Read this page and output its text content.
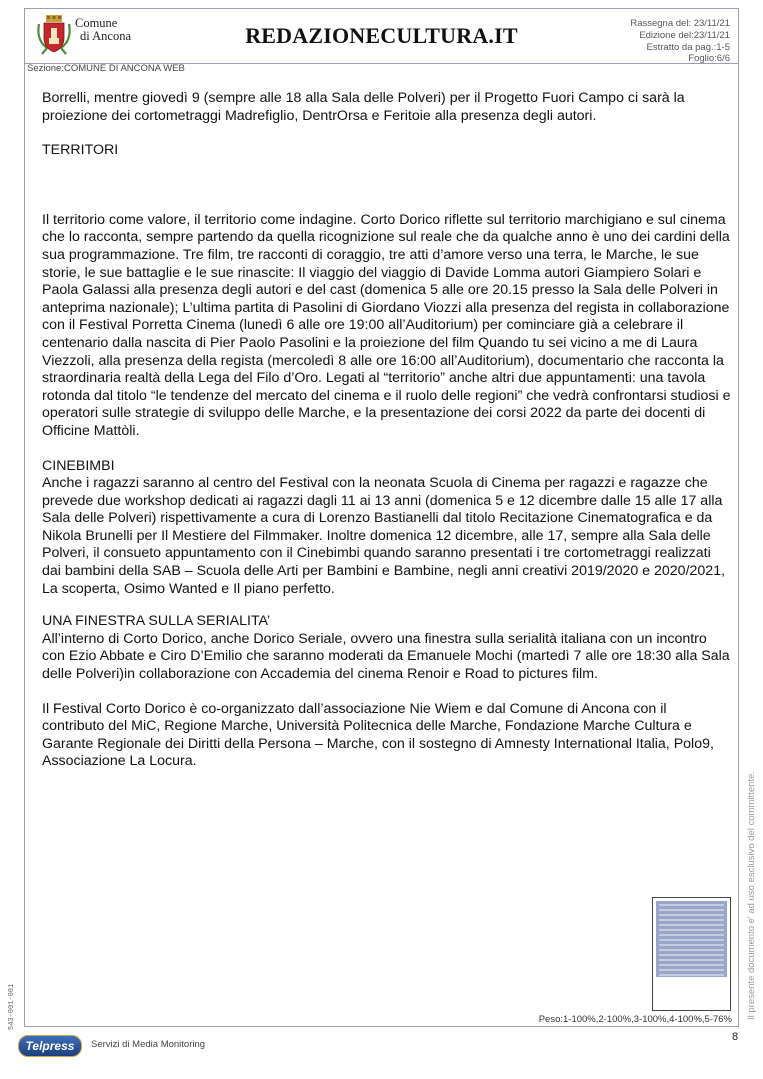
Comune
di Ancona	REDAZIONECULTURA.IT	Rassegna del: 23/11/21
Edizione del:23/11/21
Estratto da pag.:1-5
Foglio:6/6
Sezione:COMUNE DI ANCONA WEB

Borrelli, mentre giovedì 9 (sempre alle 18 alla Sala delle Polveri) per il Progetto Fuori Campo ci sarà la proiezione dei cortometraggi Madrefiglio, DentrOrsa e Feritoie alla presenza degli autori.

TERRITORI

Il territorio come valore, il territorio come indagine. Corto Dorico riflette sul territorio marchigiano e sul cinema che lo racconta, sempre partendo da quella ricognizione sul reale che da qualche anno è uno dei cardini della sua programmazione. Tre film, tre racconti di coraggio, tre atti d’amore verso una terra, le Marche, le sue storie, le sue battaglie e le sue rinascite: Il viaggio del viaggio di Davide Lomma autori Giampiero Solari e Paola Galassi alla presenza degli autori e del cast (domenica 5 alle ore 20.15 presso la Sala delle Polveri in anteprima nazionale); L’ultima partita di Pasolini di Giordano Viozzi alla presenza del regista in collaborazione con il Festival Porretta Cinema (lunedì 6 alle ore 19:00 all’Auditorium) per cominciare già a celebrare il centenario dalla nascita di Pier Paolo Pasolini e la proiezione del film Quando tu sei vicino a me di Laura Viezzoli, alla presenza della regista (mercoledì 8 alle ore 16:00 all’Auditorium), documentario che racconta la straordinaria realtà della Lega del Filo d’Oro. Legati al “territorio” anche altri due appuntamenti: una tavola rotonda dal titolo “le tendenze del mercato del cinema e il ruolo delle regioni” che vedrà confrontarsi studiosi e operatori sulle strategie di sviluppo delle Marche, e la presentazione dei corsi 2022 da parte dei docenti di Officine Mattòli.

CINEBIMBI

Anche i ragazzi saranno al centro del Festival con la neonata Scuola di Cinema per ragazzi e ragazze che prevede due workshop dedicati ai ragazzi dagli 11 ai 13 anni (domenica 5 e 12 dicembre dalle 15 alle 17 alla Sala delle Polveri) rispettivamente a cura di Lorenzo Bastianelli dal titolo Recitazione Cinematografica e da Nikola Brunelli per Il Mestiere del Filmmaker. Inoltre domenica 12 dicembre, alle 17, sempre alla Sala delle Polveri, il consueto appuntamento con il Cinebimbi quando saranno presentati i tre cortometraggi realizzati dai bambini della SAB – Scuola delle Arti per Bambini e Bambine, negli anni creativi 2019/2020 e 2020/2021, La scoperta, Osimo Wanted e Il piano perfetto.

UNA FINESTRA SULLA SERIALITA’

All’interno di Corto Dorico, anche Dorico Seriale, ovvero una finestra sulla serialità italiana con un incontro con Ezio Abbate e Ciro D’Emilio che saranno moderati da Emanuele Mochi (martedì 7 alle ore 18:30 alla Sala delle Polveri)in collaborazione con Accademia del cinema Renoir e Road to pictures film.

Il Festival Corto Dorico è co-organizzato dall’associazione Nie Wiem e dal Comune di Ancona con il contributo del MiC, Regione Marche, Università Politecnica delle Marche, Fondazione Marche Cultura e Garante Regionale dei Diritti della Persona – Marche, con il sostegno di Amnesty International Italia, Polo9, Associazione La Locura.

Peso:1-100%,2-100%,3-100%,4-100%,5-76% Il presente documento e' ad uso esclusivo del committente.
543-001-001
8
Telpress	Servizi di Media Monitoring
